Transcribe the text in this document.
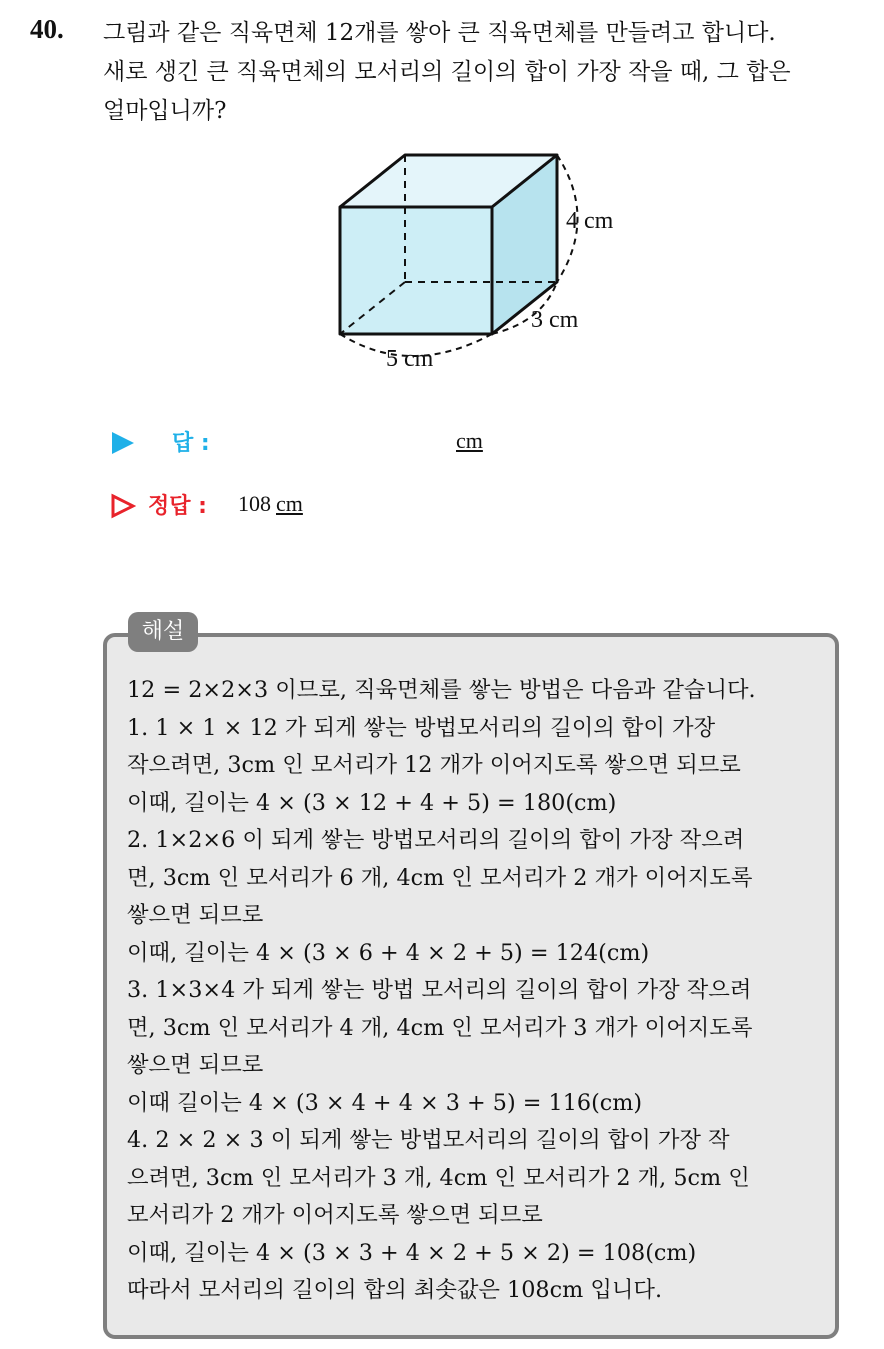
40. 그림과 같은 직육면체 12개를 쌓아 큰 직육면체를 만들려고 합니다.
새로 생긴 큰 직육면체의 모서리의 길이의 합이 가장 작을 때, 그 합은
얼마입니까?
4 cm
3 cm
5 cm
답 :	cm
정답 : 108 cm
해설
12 = 2×2×3 이므로, 직육면체를 쌓는 방법은 다음과 같습니다.
1. 1 × 1 × 12 가 되게 쌓는 방법모서리의 길이의 합이 가장
작으려면, 3cm 인 모서리가 12 개가 이어지도록 쌓으면 되므로
이때, 길이는 4 × (3 × 12 + 4 + 5) = 180(cm)
2. 1×2×6 이 되게 쌓는 방법모서리의 길이의 합이 가장 작으려
면, 3cm 인 모서리가 6 개, 4cm 인 모서리가 2 개가 이어지도록
쌓으면 되므로
이때, 길이는 4 × (3 × 6 + 4 × 2 + 5) = 124(cm)
3. 1×3×4 가 되게 쌓는 방법 모서리의 길이의 합이 가장 작으려
면, 3cm 인 모서리가 4 개, 4cm 인 모서리가 3 개가 이어지도록
쌓으면 되므로
이때 길이는 4 × (3 × 4 + 4 × 3 + 5) = 116(cm)
4. 2 × 2 × 3 이 되게 쌓는 방법모서리의 길이의 합이 가장 작
으려면, 3cm 인 모서리가 3 개, 4cm 인 모서리가 2 개, 5cm 인
모서리가 2 개가 이어지도록 쌓으면 되므로
이때, 길이는 4 × (3 × 3 + 4 × 2 + 5 × 2) = 108(cm)
따라서 모서리의 길이의 합의 최솟값은 108cm 입니다.
